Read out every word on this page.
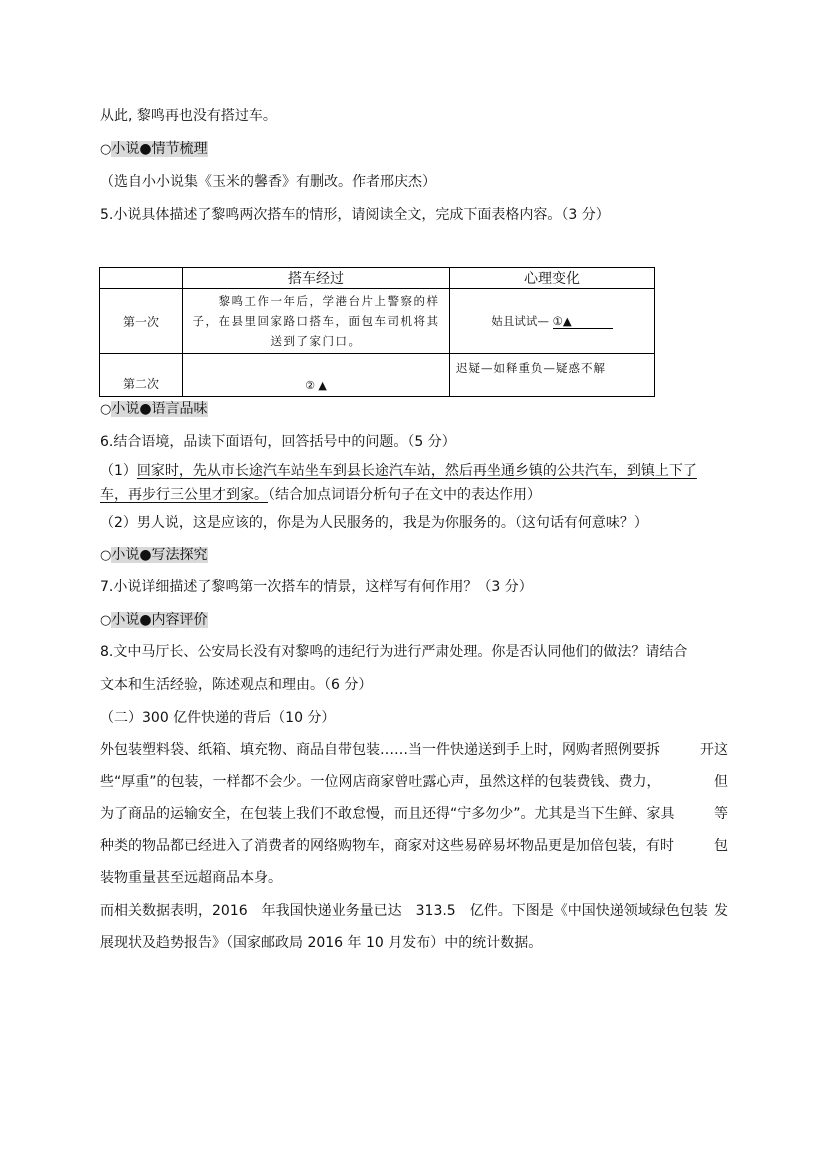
从此, 黎鸣再也没有搭过车。
○小说●情节梳理
（选自小小说集《玉米的馨香》有删改。作者邢庆杰）
5.小说具体描述了黎鸣两次搭车的情形，请阅读全文，完成下面表格内容。（3 分）
	搭车经过	心理变化
第一次	黎鸣工作一年后，学港台片上警察的样子，在县里回家路口搭车，面包车司机将其送到了家门口。	姑且试试— ①▲
第二次	② ▲	迟疑—如释重负—疑惑不解
○小说●语言品味
6.结合语境，品读下面语句，回答括号中的问题。（5 分）
（1）回家时，先从市长途汽车站坐车到县长途汽车站，然后再坐通乡镇的公共汽车，到镇上下了
车，再步行三公里才到家。（结合加点词语分析句子在文中的表达作用）
（2）男人说，这是应该的，你是为人民服务的，我是为你服务的。（这句话有何意味？）
○小说●写法探究
7.小说详细描述了黎鸣第一次搭车的情景，这样写有何作用？（3 分）
○小说●内容评价
8.文中马厅长、公安局长没有对黎鸣的违纪行为进行严肃处理。你是否认同他们的做法？请结合
文本和生活经验，陈述观点和理由。（6 分）
（二）300 亿件快递的背后（10 分）
外包装塑料袋、纸箱、填充物、商品自带包装……当一件快递送到手上时，网购者照例要拆	开这
些“厚重”的包装，一样都不会少。一位网店商家曾吐露心声，虽然这样的包装费钱、费力，	但
为了商品的运输安全，在包装上我们不敢怠慢，而且还得“宁多勿少”。尤其是当下生鲜、家具	等
种类的物品都已经进入了消费者的网络购物车，商家对这些易碎易坏物品更是加倍包装，有时	包
装物重量甚至远超商品本身。
而相关数据表明，2016　年我国快递业务量已达　313.5　亿件。下图是《中国快递领域绿色包装 发
展现状及趋势报告》（国家邮政局 2016 年 10 月发布）中的统计数据。
